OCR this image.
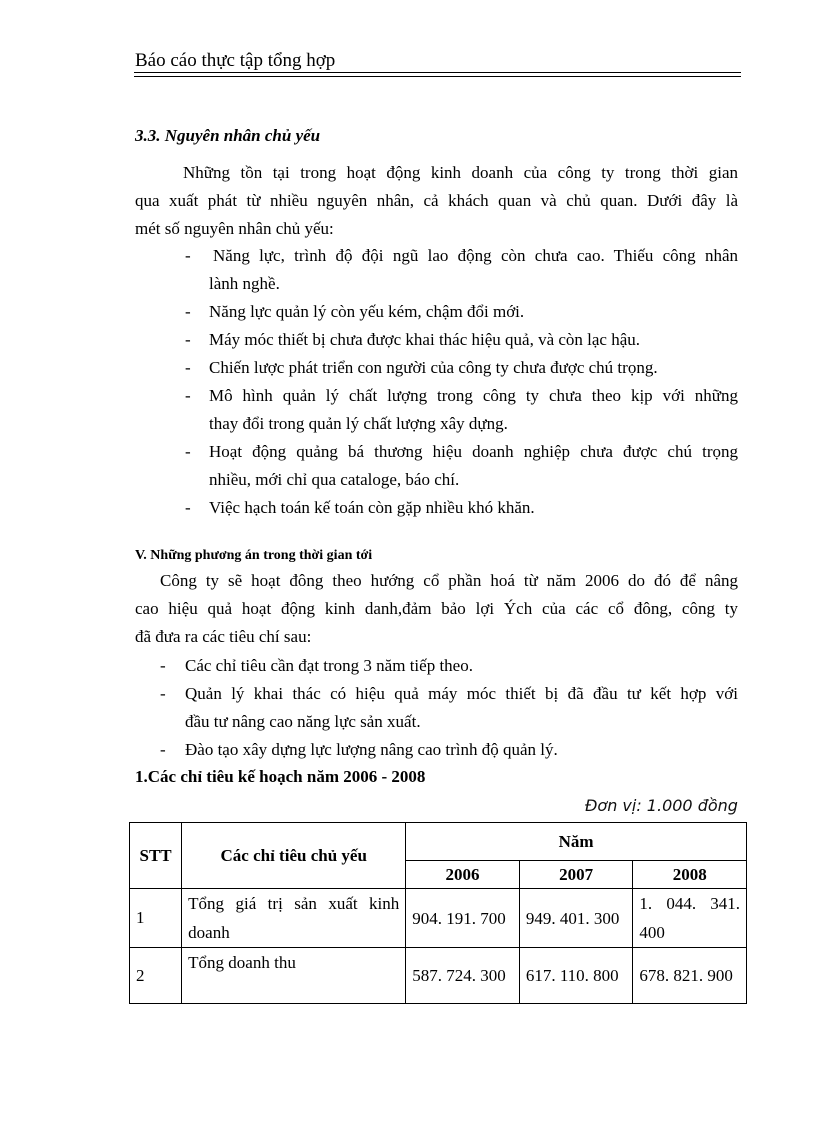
Báo cáo thực tập tổng hợp
3.3. Nguyên nhân chủ yếu
Những tồn tại trong hoạt động kinh doanh của công ty trong thời gian
qua xuất phát từ nhiều nguyên nhân, cả khách quan và chủ quan. Dưới đây là
mét số nguyên nhân chủ yếu:
- Năng lực, trình độ đội ngũ lao động còn chưa cao. Thiếu công nhân
lành nghề.
- Năng lực quản lý còn yếu kém, chậm đổi mới.
- Máy móc thiết bị chưa được khai thác hiệu quả, và còn lạc hậu.
- Chiến lược phát triển con người của công ty chưa được chú trọng.
- Mô hình quản lý chất lượng trong công ty chưa theo kịp với những
thay đổi trong quản lý chất lượng xây dựng.
- Hoạt động quảng bá thương hiệu doanh nghiệp chưa được chú trọng
nhiều, mới chỉ qua cataloge, báo chí.
- Việc hạch toán kế toán còn gặp nhiều khó khăn.
V. Những phương án trong thời gian tới
Công ty sẽ hoạt đông theo hướng cổ phần hoá từ năm 2006 do đó để nâng
cao hiệu quả hoạt động kinh danh,đảm bảo lợi Ých của các cổ đông, công ty
đã đưa ra các tiêu chí sau:
- Các chỉ tiêu cần đạt trong 3 năm tiếp theo.
- Quản lý khai thác có hiệu quả máy móc thiết bị đã đầu tư kết hợp với
đầu tư nâng cao năng lực sản xuất.
- Đào tạo xây dựng lực lượng nâng cao trình độ quản lý.
1.Các chỉ tiêu kế hoạch năm 2006 - 2008
Đơn vị: 1.000 đồng
STT	Các chỉ tiêu chủ yếu	Năm		
		2006	2007	2008
1	Tổng giá trị sản xuất kinh doanh	904. 191. 700	949. 401. 300	1. 044. 341. 400
2	Tổng doanh thu	587. 724. 300	617. 110. 800	678. 821. 900
